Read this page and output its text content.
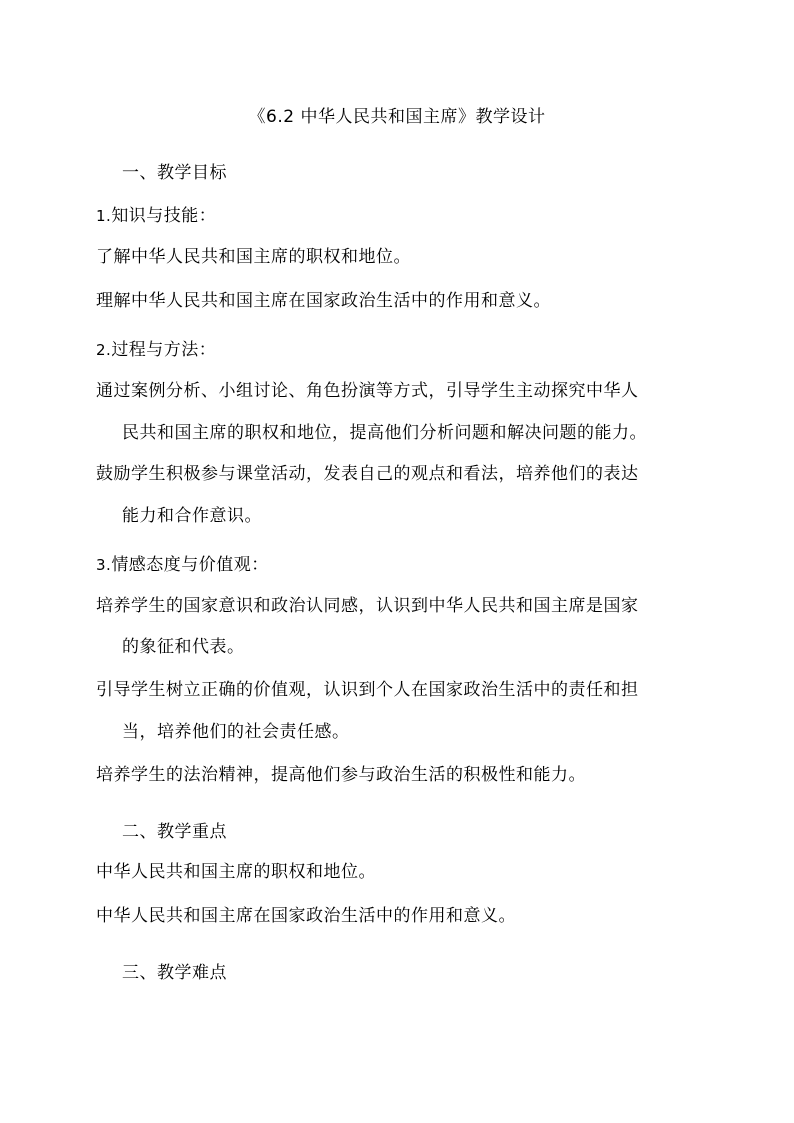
《6.2 中华人民共和国主席》教学设计
一、教学目标
1.知识与技能：
了解中华人民共和国主席的职权和地位。
理解中华人民共和国主席在国家政治生活中的作用和意义。
2.过程与方法：
通过案例分析、小组讨论、角色扮演等方式，引导学生主动探究中华人
民共和国主席的职权和地位，提高他们分析问题和解决问题的能力。
鼓励学生积极参与课堂活动，发表自己的观点和看法，培养他们的表达
能力和合作意识。
3.情感态度与价值观：
培养学生的国家意识和政治认同感，认识到中华人民共和国主席是国家
的象征和代表。
引导学生树立正确的价值观，认识到个人在国家政治生活中的责任和担
当，培养他们的社会责任感。
培养学生的法治精神，提高他们参与政治生活的积极性和能力。
二、教学重点
中华人民共和国主席的职权和地位。
中华人民共和国主席在国家政治生活中的作用和意义。
三、教学难点
